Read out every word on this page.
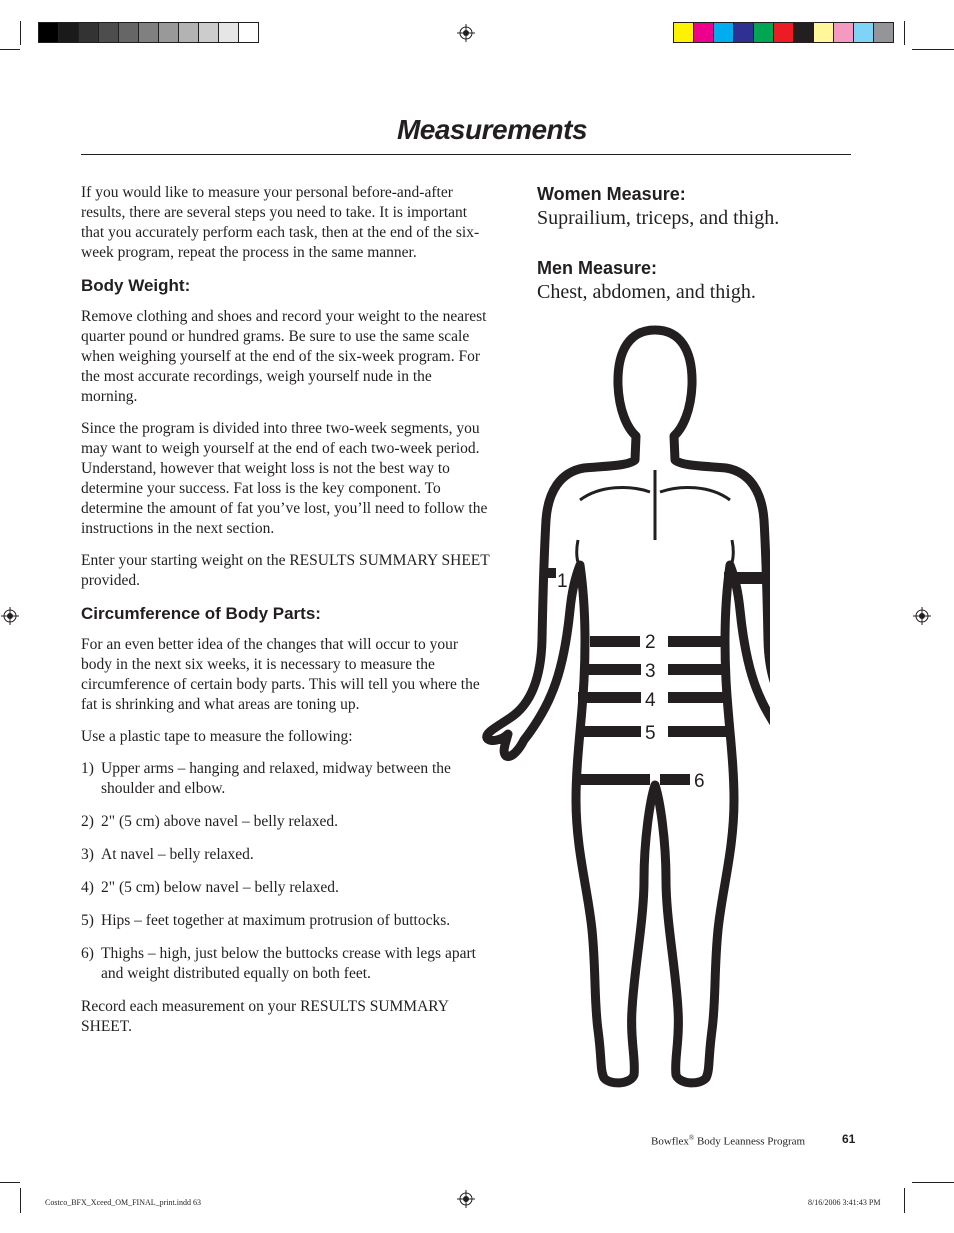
Measurements

If you would like to measure your personal before-and-after results, there are several steps you need to take. It is important that you accurately perform each task, then at the end of the six-week program, repeat the process in the same manner.

Body Weight:

Remove clothing and shoes and record your weight to the nearest quarter pound or hundred grams. Be sure to use the same scale when weighing yourself at the end of the six-week program. For the most accurate recordings, weigh yourself nude in the morning.

Since the program is divided into three two-week segments, you may want to weigh yourself at the end of each two-week period. Understand, however that weight loss is not the best way to determine your success. Fat loss is the key component. To determine the amount of fat you’ve lost, you’ll need to follow the instructions in the next section.

Enter your starting weight on the RESULTS SUMMARY SHEET provided.

Circumference of Body Parts:

For an even better idea of the changes that will occur to your body in the next six weeks, it is necessary to measure the circumference of certain body parts. This will tell you where the fat is shrinking and what areas are toning up.

Use a plastic tape to measure the following:

1) Upper arms – hanging and relaxed, midway between the shoulder and elbow.
2) 2" (5 cm) above navel – belly relaxed.
3) At navel – belly relaxed.
4) 2" (5 cm) below navel – belly relaxed.
5) Hips – feet together at maximum protrusion of buttocks.
6) Thighs – high, just below the buttocks crease with legs apart and weight distributed equally on both feet.

Record each measurement on your RESULTS SUMMARY SHEET.

Women Measure:

Suprailium, triceps, and thigh.

Men Measure:

Chest, abdomen, and thigh.

1
2
3
4
5
6
Bowflex® Body Leanness Program	61
Costco_BFX_Xceed_OM_FINAL_print.indd 63	8/16/2006 3:41:43 PM
